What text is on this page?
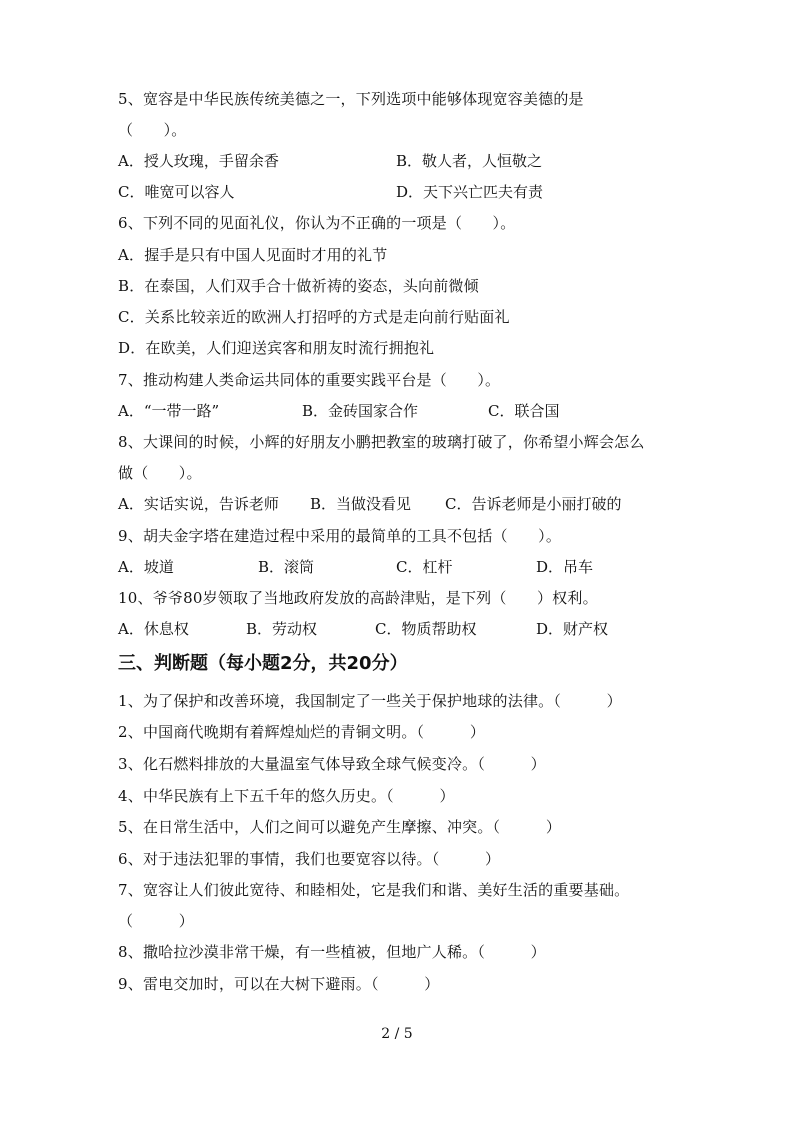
5、宽容是中华民族传统美德之一，下列选项中能够体现宽容美德的是
（　　）。
A．授人玫瑰，手留余香	B．敬人者，人恒敬之
C．唯宽可以容人	D．天下兴亡匹夫有责
6、下列不同的见面礼仪，你认为不正确的一项是（　　）。
A．握手是只有中国人见面时才用的礼节
B．在泰国，人们双手合十做祈祷的姿态，头向前微倾
C．关系比较亲近的欧洲人打招呼的方式是走向前行贴面礼
D．在欧美，人们迎送宾客和朋友时流行拥抱礼
7、推动构建人类命运共同体的重要实践平台是（　　）。
A．“一带一路”	B．金砖国家合作	C．联合国
8、大课间的时候，小辉的好朋友小鹏把教室的玻璃打破了，你希望小辉会怎么
做（　　）。
A．实话实说，告诉老师 B．当做没看见 C．告诉老师是小丽打破的
9、胡夫金字塔在建造过程中采用的最简单的工具不包括（　　）。
A．坡道	B．滚筒	C．杠杆	D．吊车
10、爷爷80岁领取了当地政府发放的高龄津贴，是下列（　　）权利。
A．休息权	B．劳动权	C．物质帮助权	D．财产权
三、判断题（每小题2分，共20分）
1、为了保护和改善环境，我国制定了一些关于保护地球的法律。（　　　）
2、中国商代晚期有着辉煌灿烂的青铜文明。（　　　）
3、化石燃料排放的大量温室气体导致全球气候变冷。（　　　）
4、中华民族有上下五千年的悠久历史。（　　　）
5、在日常生活中，人们之间可以避免产生摩擦、冲突。（　　　）
6、对于违法犯罪的事情，我们也要宽容以待。（　　　）
7、宽容让人们彼此宽待、和睦相处，它是我们和谐、美好生活的重要基础。
（　　　）
8、撒哈拉沙漠非常干燥，有一些植被，但地广人稀。（　　　）
9、雷电交加时，可以在大树下避雨。（　　　）
2 / 5
